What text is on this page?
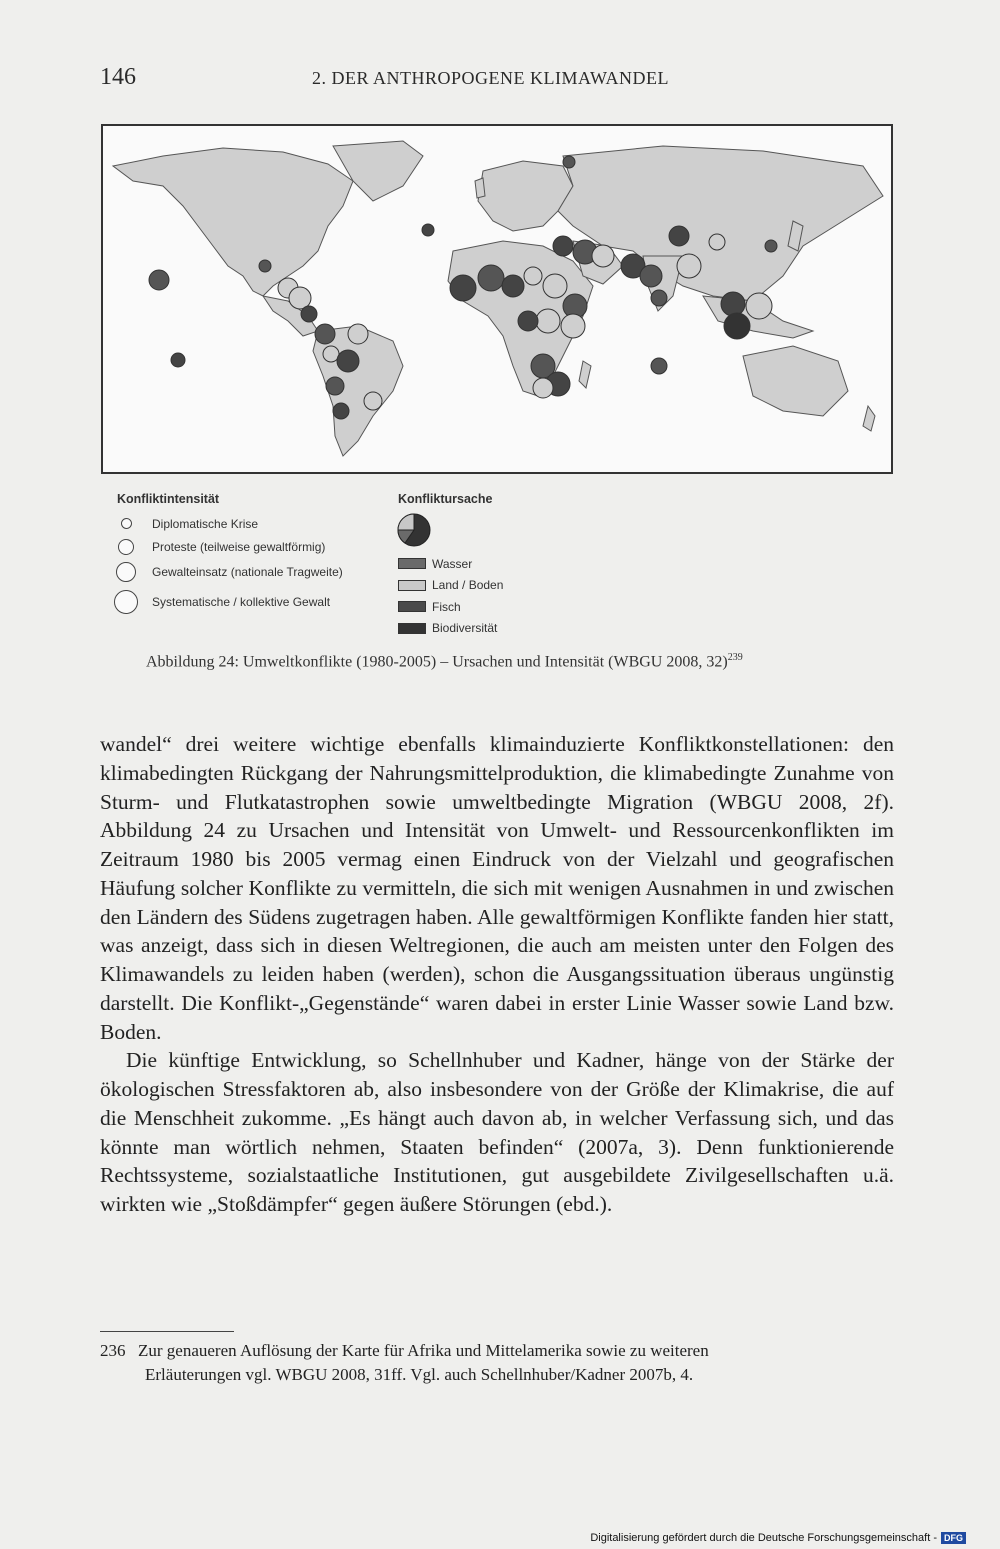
146	2. DER ANTHROPOGENE KLIMAWANDEL
Konfliktintensität
Diplomatische Krise
Proteste (teilweise gewaltförmig)
Gewalteinsatz (nationale Tragweite)
Systematische / kollektive Gewalt
Konfliktursache
Wasser
Land / Boden
Fisch
Biodiversität
Abbildung 24: Umweltkonflikte (1980-2005) – Ursachen und Intensität (WBGU 2008, 32)$^{239}$

wandel“ drei weitere wichtige ebenfalls klimainduzierte Konfliktkonstellationen: den klimabedingten Rückgang der Nahrungsmittelproduktion, die klimabedingte Zunahme von Sturm- und Flutkatastrophen sowie umweltbedingte Migration (WBGU 2008, 2f). Abbildung 24 zu Ursachen und Intensität von Umwelt- und Ressourcenkonflikten im Zeitraum 1980 bis 2005 vermag einen Eindruck von der Vielzahl und geografischen Häufung solcher Konflikte zu vermitteln, die sich mit wenigen Ausnahmen in und zwischen den Ländern des Südens zugetragen haben. Alle gewaltförmigen Konflikte fanden hier statt, was anzeigt, dass sich in diesen Weltregionen, die auch am meisten unter den Folgen des Klimawandels zu leiden haben (werden), schon die Ausgangssituation überaus ungünstig darstellt. Die Konflikt-„Gegenstände“ waren dabei in erster Linie Wasser sowie Land bzw. Boden.

Die künftige Entwicklung, so Schellnhuber und Kadner, hänge von der Stärke der ökologischen Stressfaktoren ab, also insbesondere von der Größe der Klimakrise, die auf die Menschheit zukomme. „Es hängt auch davon ab, in welcher Verfassung sich, und das könnte man wörtlich nehmen, Staaten befinden“ (2007a, 3). Denn funktionierende Rechtssysteme, sozialstaatliche Institutionen, gut ausgebildete Zivilgesellschaften u.ä. wirkten wie „Stoßdämpfer“ gegen äußere Störungen (ebd.).

236 Zur genaueren Auflösung der Karte für Afrika und Mittelamerika sowie zu weiteren
Erläuterungen vgl. WBGU 2008, 31ff. Vgl. auch Schellnhuber/Kadner 2007b, 4.
Digitalisierung gefördert durch die Deutsche Forschungsgemeinschaft - DFG
